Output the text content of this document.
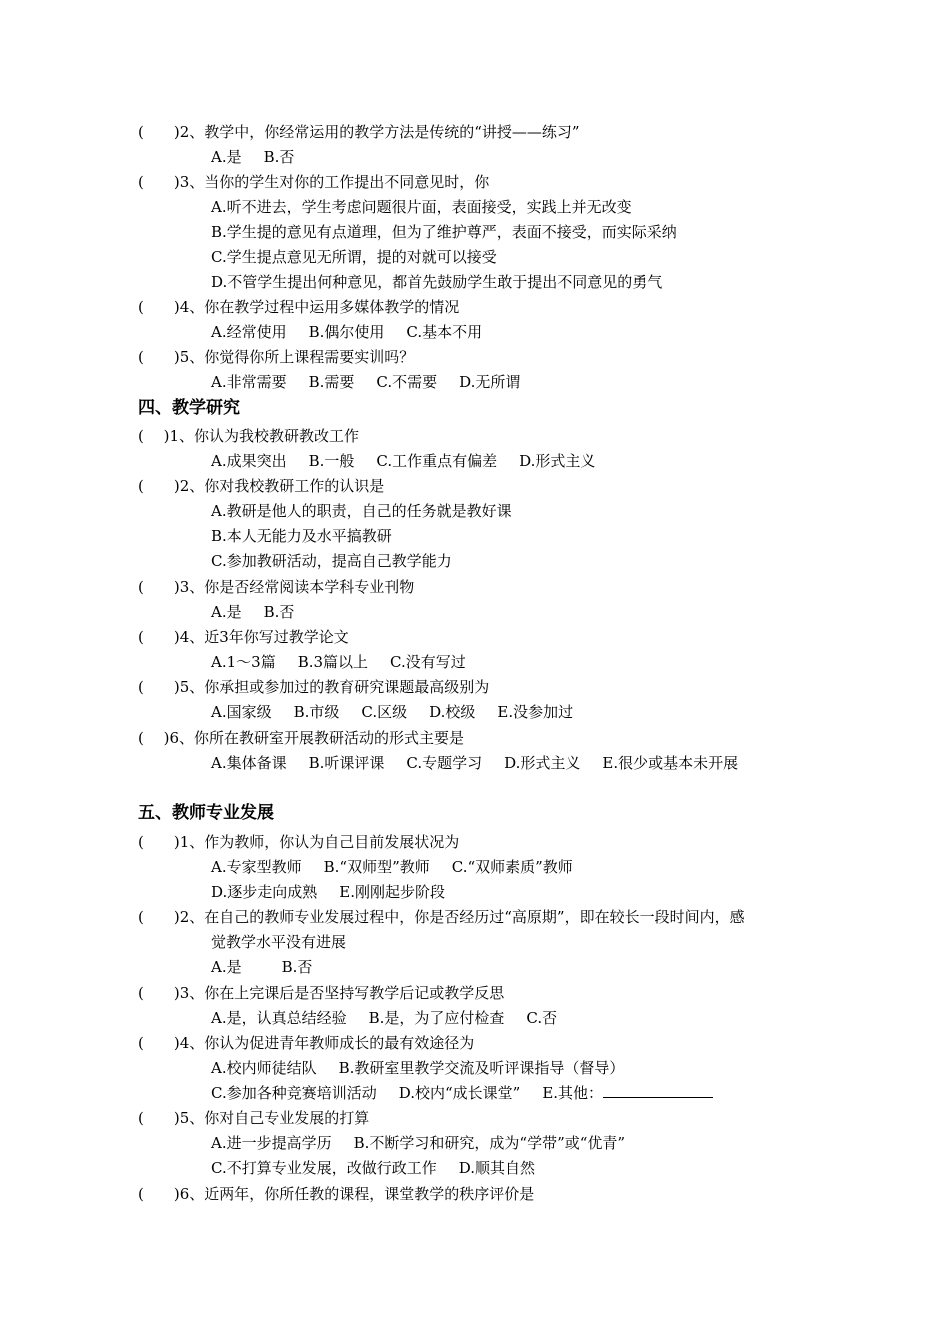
(　　)2、教学中，你经常运用的教学方法是传统的“讲授——练习”
A.是 B.否
(　　)3、当你的学生对你的工作提出不同意见时，你
A.听不进去，学生考虑问题很片面，表面接受，实践上并无改变
B.学生提的意见有点道理，但为了维护尊严，表面不接受，而实际采纳
C.学生提点意见无所谓，提的对就可以接受
D.不管学生提出何种意见，都首先鼓励学生敢于提出不同意见的勇气
(　　)4、你在教学过程中运用多媒体教学的情况
A.经常使用 B.偶尔使用 C.基本不用
(　　)5、你觉得你所上课程需要实训吗？
A.非常需要 B.需要 C.不需要 D.无所谓
四、教学研究
(　 )1、你认为我校教研教改工作
A.成果突出 B.一般 C.工作重点有偏差 D.形式主义
(　　)2、你对我校教研工作的认识是
A.教研是他人的职责，自己的任务就是教好课
B.本人无能力及水平搞教研
C.参加教研活动，提高自己教学能力
(　　)3、你是否经常阅读本学科专业刊物
A.是 B.否
(　　)4、近3年你写过教学论文
A.1～3篇 B.3篇以上 C.没有写过
(　　)5、你承担或参加过的教育研究课题最高级别为
A.国家级 B.市级 C.区级 D.校级 E.没参加过
(　 )6、你所在教研室开展教研活动的形式主要是
A.集体备课 B.听课评课 C.专题学习 D.形式主义 E.很少或基本未开展
五、教师专业发展
(　　)1、作为教师，你认为自己目前发展状况为
A.专家型教师 B.“双师型”教师 C.“双师素质”教师
D.逐步走向成熟 E.刚刚起步阶段
(　　)2、在自己的教师专业发展过程中，你是否经历过“高原期”，即在较长一段时间内，感
觉教学水平没有进展
A.是	B.否
(　　)3、你在上完课后是否坚持写教学后记或教学反思
A.是，认真总结经验 B.是，为了应付检查 C.否
(　　)4、你认为促进青年教师成长的最有效途径为
A.校内师徒结队 B.教研室里教学交流及听评课指导（督导）
C.参加各种竞赛培训活动 D.校内“成长课堂” E.其他：
(　　)5、你对自己专业发展的打算
A.进一步提高学历 B.不断学习和研究，成为“学带”或“优青”
C.不打算专业发展，改做行政工作 D.顺其自然
(　　)6、近两年，你所任教的课程，课堂教学的秩序评价是
